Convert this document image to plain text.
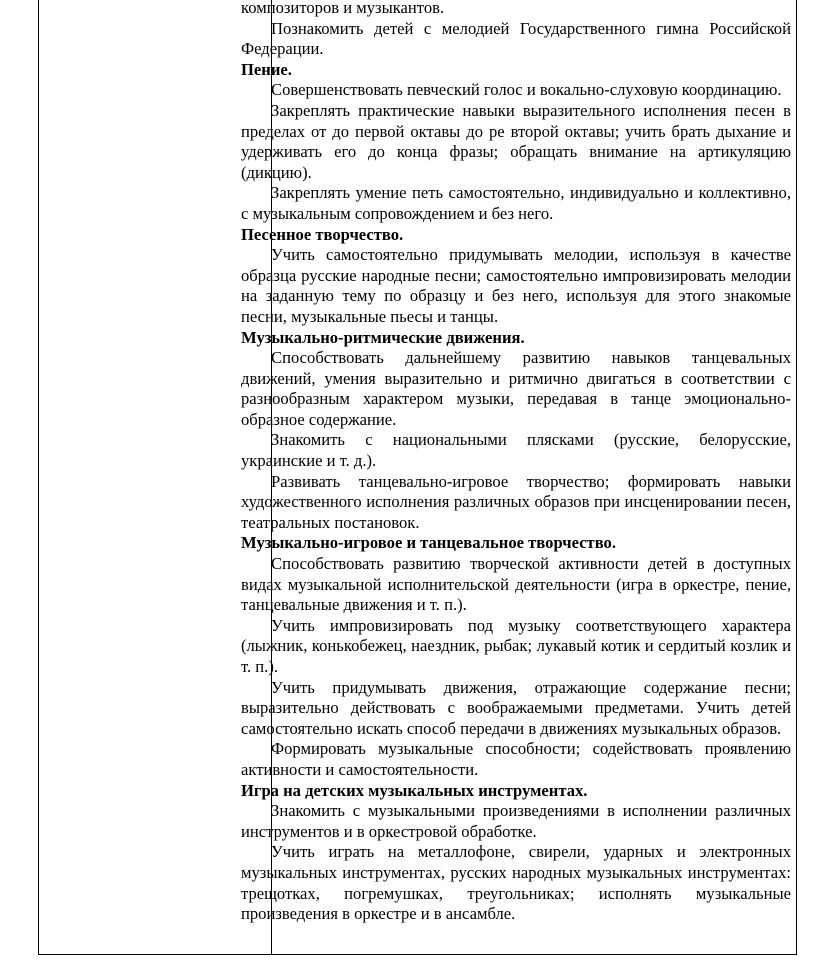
композиторов и музыкантов.

Познакомить детей с мелодией Государственного гимна Российской Федерации.

Пение.

Совершенствовать певческий голос и вокально-слуховую координацию.

Закреплять практические навыки выразительного исполнения песен в пределах от до первой октавы до ре второй октавы; учить брать дыхание и удерживать его до конца фразы; обращать внимание на артикуляцию (дикцию).

Закреплять умение петь самостоятельно, индивидуально и коллективно, с музыкальным сопровождением и без него.

Песенное творчество.

Учить самостоятельно придумывать мелодии, используя в качестве образца русские народные песни; самостоятельно импровизировать мелодии на заданную тему по образцу и без него, используя для этого знакомые песни, музыкальные пьесы и танцы.

Музыкально-ритмические движения.

Способствовать дальнейшему развитию навыков танцевальных движений, умения выразительно и ритмично двигаться в соответствии с разнообразным характером музыки, передавая в танце эмоционально-образное содержание.

Знакомить с национальными плясками (русские, белорусские, украинские и т. д.).

Развивать танцевально-игровое творчество; формировать навыки художественного исполнения различных образов при инсценировании песен, театральных постановок.

Музыкально-игровое и танцевальное творчество.

Способствовать развитию творческой активности детей в доступных видах музыкальной исполнительской деятельности (игра в оркестре, пение, танцевальные движения и т. п.).

Учить импровизировать под музыку соответствующего характера (лыжник, конькобежец, наездник, рыбак; лукавый котик и сердитый козлик и т. п.).

Учить придумывать движения, отражающие содержание песни; выразительно действовать с воображаемыми предметами. Учить детей самостоятельно искать способ передачи в движениях музыкальных образов.

Формировать музыкальные способности; содействовать проявлению активности и самостоятельности.

Игра на детских музыкальных инструментах.

Знакомить с музыкальными произведениями в исполнении различных инструментов и в оркестровой обработке.

Учить играть на металлофоне, свирели, ударных и электронных музыкальных инструментах, русских народных музыкальных инструментах: трещотках, погремушках, треугольниках; исполнять музыкальные произведения в оркестре и в ансамбле.
